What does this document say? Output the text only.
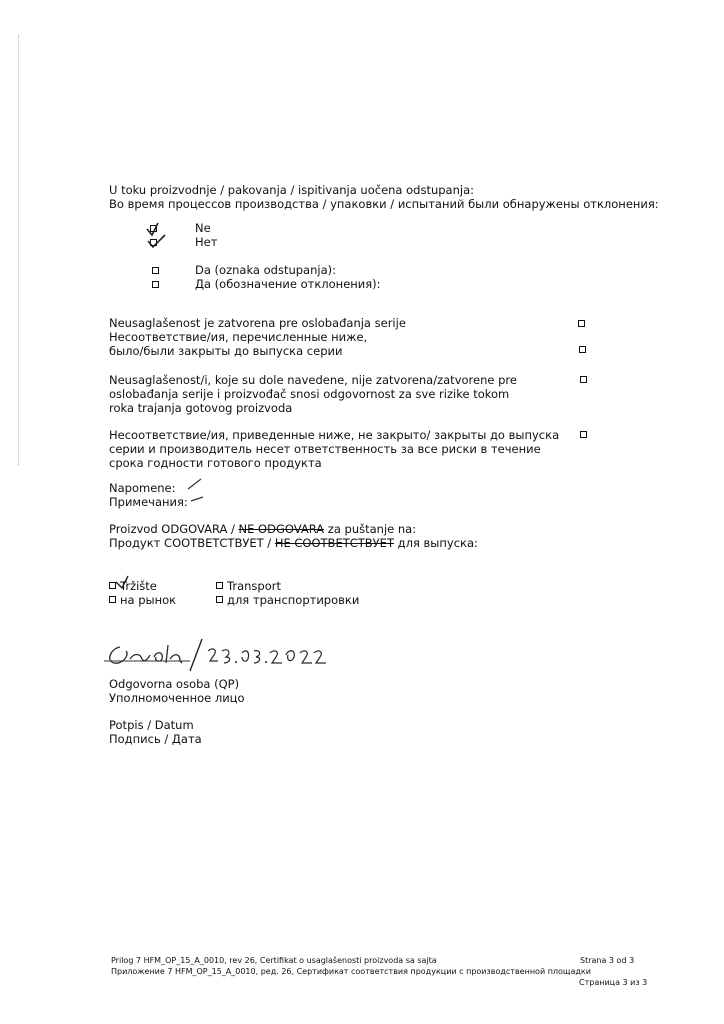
U toku proizvodnje / pakovanja / ispitivanja uočena odstupanja:
Во время процессов производства / упаковки / испытаний были обнаружены отклонения:
Ne
Нет
Da (oznaka odstupanja):
Да (обозначение отклонения):
Neusaglašenost je zatvorena pre oslobađanja serije
Несоответствие/ия, перечисленные ниже,
было/были закрыты до выпуска серии
Neusaglašenost/i, koje su dole navedene, nije zatvorena/zatvorene pre
oslobađanja serije i proizvođač snosi odgovornost za sve rizike tokom
roka trajanja gotovog proizvoda
Несоответствие/ия, приведенные ниже, не закрыто/ закрыты до выпуска
серии и производитель несет ответственность за все риски в течение
срока годности готового продукта
Napomene:
Примечания:
Proizvod ODGOVARA / NE ODGOVARA za puštanje na:
Продукт СООТВЕТСТВУЕТ / НЕ СООТВЕТСТВУЕТ для выпуска:
Tržište
на рынок
Transport
для транспортировки
Odgovorna osoba (QP)
Уполномоченное лицо
Potpis / Datum
Подпись / Дата
Prilog 7 HFM_OP_15_A_0010, rev 26, Certifikat o usaglašenosti proizvoda sa sajta	Strana 3 od 3
Приложение 7 HFM_OP_15_A_0010, ред. 26, Сертификат соответствия продукции с производственной площадки
Страница 3 из 3
